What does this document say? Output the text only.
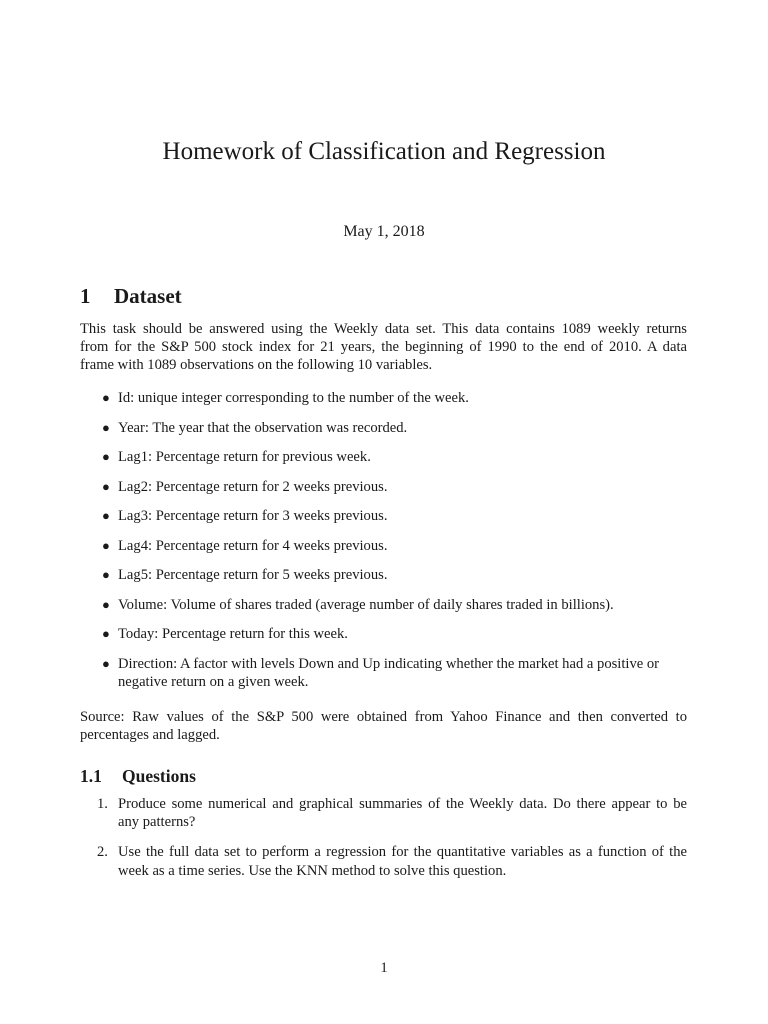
Homework of Classification and Regression
May 1, 2018
1 Dataset

This task should be answered using the Weekly data set. This data contains 1089 weekly returns
from for the S&P 500 stock index for 21 years, the beginning of 1990 to the end of 2010. A data
frame with 1089 observations on the following 10 variables.

● Id: unique integer corresponding to the number of the week.
● Year: The year that the observation was recorded.
● Lag1: Percentage return for previous week.
● Lag2: Percentage return for 2 weeks previous.
● Lag3: Percentage return for 3 weeks previous.
● Lag4: Percentage return for 4 weeks previous.
● Lag5: Percentage return for 5 weeks previous.
● Volume: Volume of shares traded (average number of daily shares traded in billions).
● Today: Percentage return for this week.
● Direction: A factor with levels Down and Up indicating whether the market had a positive or
negative return on a given week.

Source: Raw values of the S&P 500 were obtained from Yahoo Finance and then converted to
percentages and lagged.

1.1 Questions
1. Produce some numerical and graphical summaries of the Weekly data. Do there appear to be
any patterns?
2. Use the full data set to perform a regression for the quantitative variables as a function of the
week as a time series. Use the KNN method to solve this question.
1
